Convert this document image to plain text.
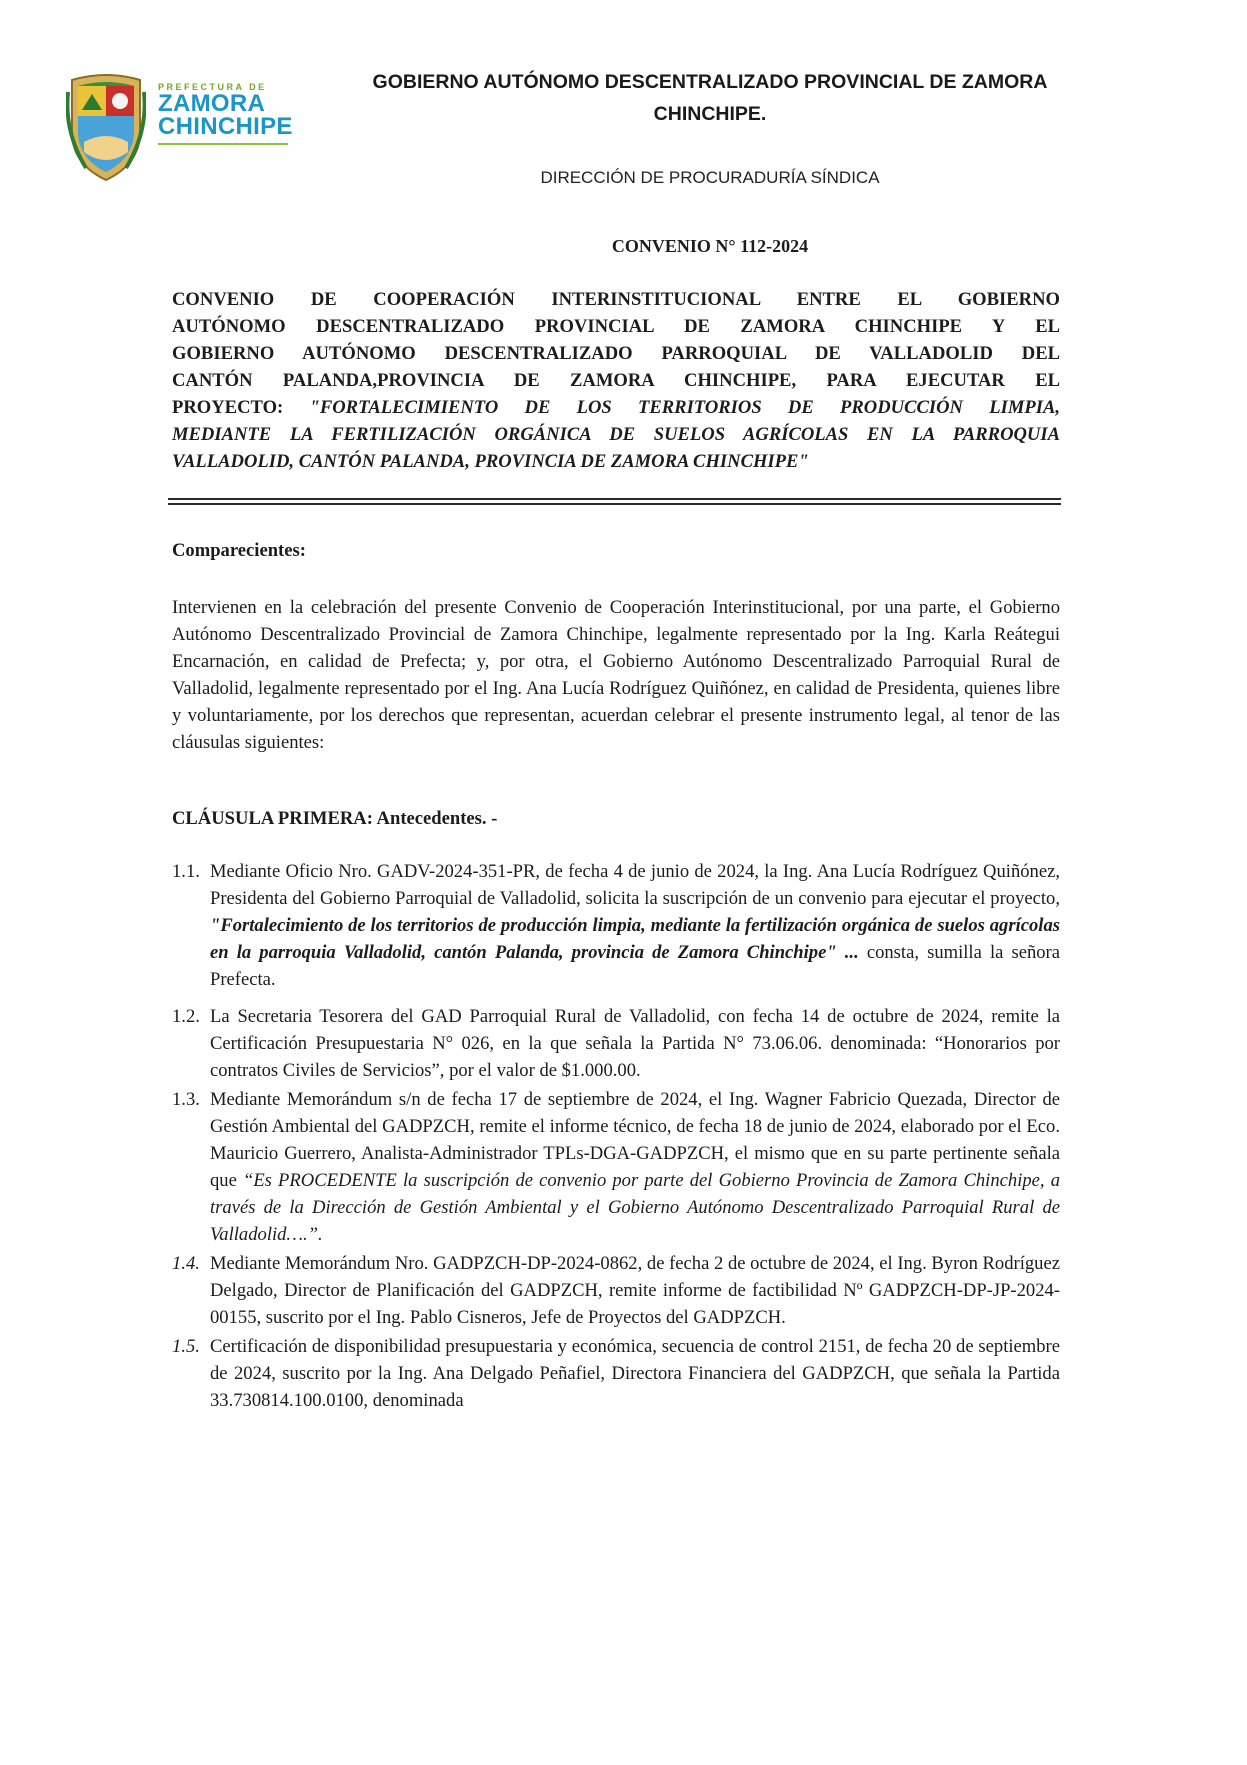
PREFECTURA DE
ZAMORA
CHINCHIPE
GOBIERNO AUTÓNOMO DESCENTRALIZADO PROVINCIAL DE ZAMORA
CHINCHIPE.
DIRECCIÓN DE PROCURADURÍA SÍNDICA
CONVENIO N° 112-2024
CONVENIO DE COOPERACIÓN INTERINSTITUCIONAL ENTRE EL GOBIERNO
AUTÓNOMO DESCENTRALIZADO PROVINCIAL DE ZAMORA CHINCHIPE Y EL
GOBIERNO AUTÓNOMO DESCENTRALIZADO PARROQUIAL DE VALLADOLID DEL
CANTÓN PALANDA,PROVINCIA DE ZAMORA CHINCHIPE, PARA EJECUTAR EL
PROYECTO: "FORTALECIMIENTO DE LOS TERRITORIOS DE PRODUCCIÓN LIMPIA,
MEDIANTE LA FERTILIZACIÓN ORGÁNICA DE SUELOS AGRÍCOLAS EN LA PARROQUIA
VALLADOLID, CANTÓN PALANDA, PROVINCIA DE ZAMORA CHINCHIPE"
Comparecientes:
Intervienen en la celebración del presente Convenio de Cooperación Interinstitucional, por una parte, el Gobierno Autónomo Descentralizado Provincial de Zamora Chinchipe, legalmente representado por la Ing. Karla Reátegui Encarnación, en calidad de Prefecta; y, por otra, el Gobierno Autónomo Descentralizado Parroquial Rural de Valladolid, legalmente representado por el Ing. Ana Lucía Rodríguez Quiñónez, en calidad de Presidenta, quienes libre y voluntariamente, por los derechos que representan, acuerdan celebrar el presente instrumento legal, al tenor de las cláusulas siguientes:
CLÁUSULA PRIMERA: Antecedentes. -
1.1. Mediante Oficio Nro. GADV-2024-351-PR, de fecha 4 de junio de 2024, la Ing. Ana Lucía Rodríguez Quiñónez, Presidenta del Gobierno Parroquial de Valladolid, solicita la suscripción de un convenio para ejecutar el proyecto, "Fortalecimiento de los territorios de producción limpia, mediante la fertilización orgánica de suelos agrícolas en la parroquia Valladolid, cantón Palanda, provincia de Zamora Chinchipe" ... consta, sumilla la señora Prefecta.
1.2. La Secretaria Tesorera del GAD Parroquial Rural de Valladolid, con fecha 14 de octubre de 2024, remite la Certificación Presupuestaria N° 026, en la que señala la Partida N° 73.06.06. denominada: “Honorarios por contratos Civiles de Servicios”, por el valor de $1.000.00.
1.3. Mediante Memorándum s/n de fecha 17 de septiembre de 2024, el Ing. Wagner Fabricio Quezada, Director de Gestión Ambiental del GADPZCH, remite el informe técnico, de fecha 18 de junio de 2024, elaborado por el Eco. Mauricio Guerrero, Analista-Administrador TPLs-DGA-GADPZCH, el mismo que en su parte pertinente señala que “Es PROCEDENTE la suscripción de convenio por parte del Gobierno Provincia de Zamora Chinchipe, a través de la Dirección de Gestión Ambiental y el Gobierno Autónomo Descentralizado Parroquial Rural de Valladolid….”.
1.4. Mediante Memorándum Nro. GADPZCH-DP-2024-0862, de fecha 2 de octubre de 2024, el Ing. Byron Rodríguez Delgado, Director de Planificación del GADPZCH, remite informe de factibilidad Nº GADPZCH-DP-JP-2024-00155, suscrito por el Ing. Pablo Cisneros, Jefe de Proyectos del GADPZCH.
1.5. Certificación de disponibilidad presupuestaria y económica, secuencia de control 2151, de fecha 20 de septiembre de 2024, suscrito por la Ing. Ana Delgado Peñafiel, Directora Financiera del GADPZCH, que señala la Partida 33.730814.100.0100, denominada
